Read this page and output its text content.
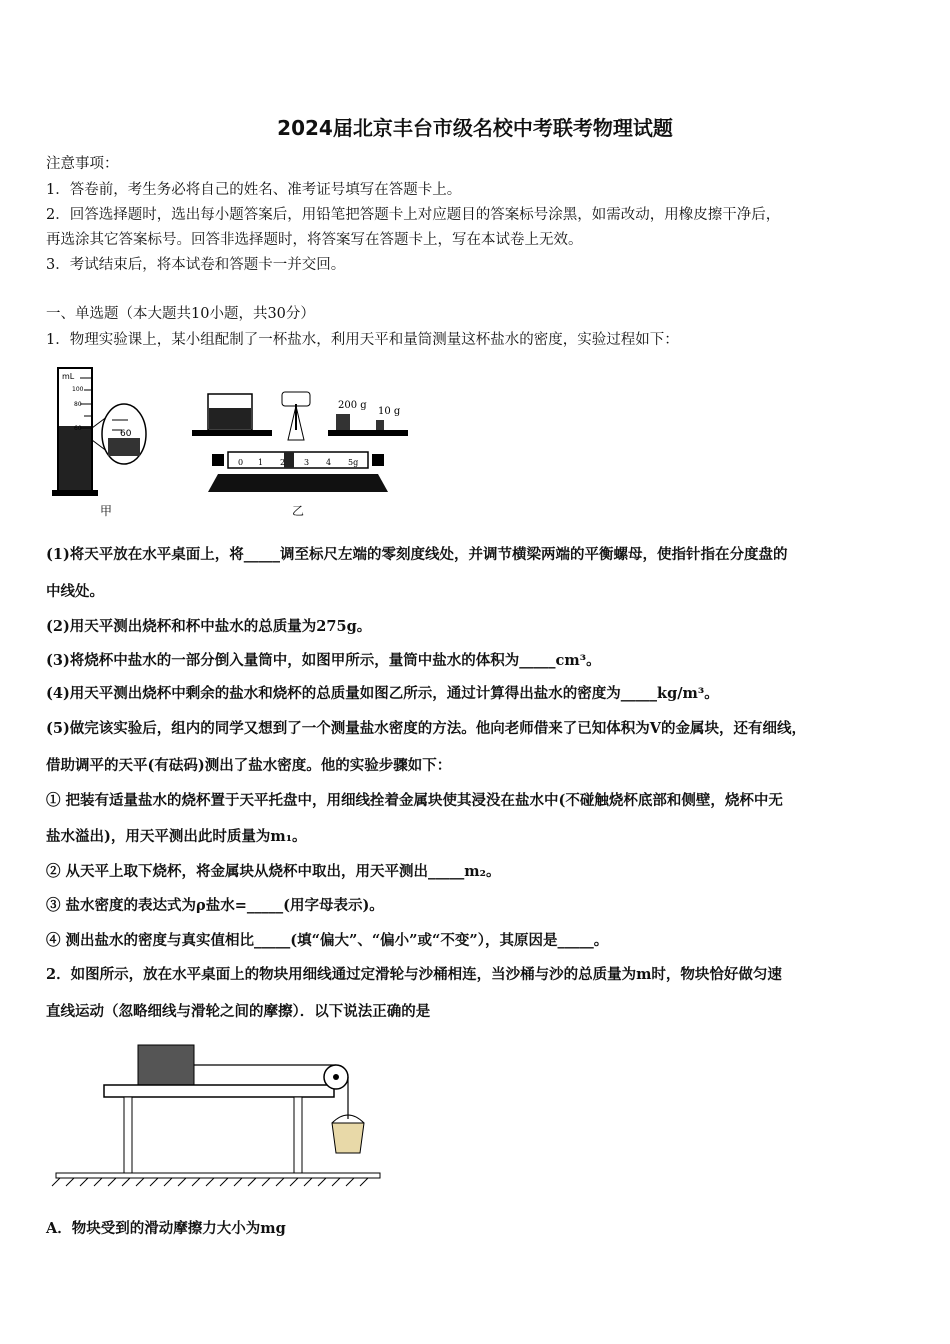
2024届北京丰台市级名校中考联考物理试题
注意事项：
1．答卷前，考生务必将自己的姓名、准考证号填写在答题卡上。
2．回答选择题时，选出每小题答案后，用铅笔把答题卡上对应题目的答案标号涂黑，如需改动，用橡皮擦干净后，
再选涂其它答案标号。回答非选择题时，将答案写在答题卡上，写在本试卷上无效。
3．考试结束后，将本试卷和答题卡一并交回。
一、单选题（本大题共10小题，共30分）
1．物理实验课上，某小组配制了一杯盐水，利用天平和量筒测量这杯盐水的密度，实验过程如下：
mL
100
80
60
60
甲
200 g
10 g
0 1 2 3 4 5g
乙
(1)将天平放在水平桌面上，将_____调至标尺左端的零刻度线处，并调节横梁两端的平衡螺母，使指针指在分度盘的
中线处。
(2)用天平测出烧杯和杯中盐水的总质量为275g。
(3)将烧杯中盐水的一部分倒入量筒中，如图甲所示，量筒中盐水的体积为_____cm³。
(4)用天平测出烧杯中剩余的盐水和烧杯的总质量如图乙所示，通过计算得出盐水的密度为_____kg/m³。
(5)做完该实验后，组内的同学又想到了一个测量盐水密度的方法。他向老师借来了已知体积为V的金属块，还有细线，
借助调平的天平(有砝码)测出了盐水密度。他的实验步骤如下：
① 把装有适量盐水的烧杯置于天平托盘中，用细线拴着金属块使其浸没在盐水中(不碰触烧杯底部和侧壁，烧杯中无
盐水溢出)，用天平测出此时质量为m₁。
② 从天平上取下烧杯，将金属块从烧杯中取出，用天平测出_____m₂。
③ 盐水密度的表达式为ρ盐水=_____(用字母表示)。
④ 测出盐水的密度与真实值相比_____(填“偏大”、“偏小”或“不变”），其原因是_____。
2．如图所示，放在水平桌面上的物块用细线通过定滑轮与沙桶相连，当沙桶与沙的总质量为m时，物块恰好做匀速
直线运动（忽略细线与滑轮之间的摩擦）．以下说法正确的是
A．物块受到的滑动摩擦力大小为mg
